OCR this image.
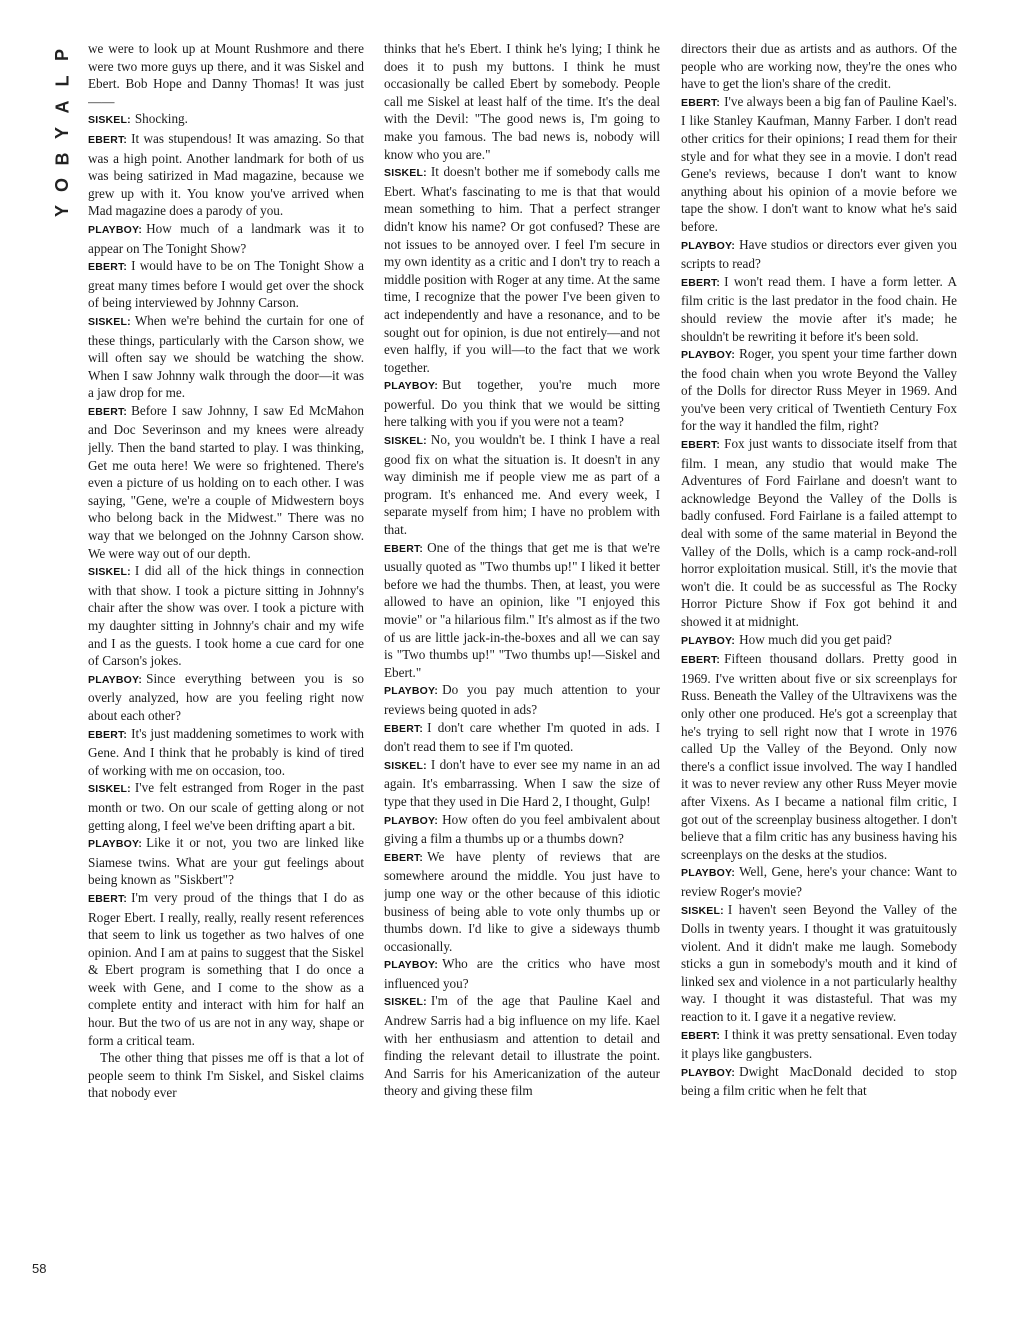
P
L
A
Y
B
O
Y

we were to look up at Mount Rushmore and there were two more guys up there, and it was Siskel and Ebert. Bob Hope and Danny Thomas! It was just——

SISKEL: Shocking.

EBERT: It was stupendous! It was amazing. So that was a high point. Another landmark for both of us was being satirized in Mad magazine, because we grew up with it. You know you've arrived when Mad magazine does a parody of you.

PLAYBOY: How much of a landmark was it to appear on The Tonight Show?

EBERT: I would have to be on The Tonight Show a great many times before I would get over the shock of being interviewed by Johnny Carson.

SISKEL: When we're behind the curtain for one of these things, particularly with the Carson show, we will often say we should be watching the show. When I saw Johnny walk through the door—it was a jaw drop for me.

EBERT: Before I saw Johnny, I saw Ed McMahon and Doc Severinson and my knees were already jelly. Then the band started to play. I was thinking, Get me outa here! We were so frightened. There's even a picture of us holding on to each other. I was saying, "Gene, we're a couple of Midwestern boys who belong back in the Midwest." There was no way that we belonged on the Johnny Carson show. We were way out of our depth.

SISKEL: I did all of the hick things in connection with that show. I took a picture sitting in Johnny's chair after the show was over. I took a picture with my daughter sitting in Johnny's chair and my wife and I as the guests. I took home a cue card for one of Carson's jokes.

PLAYBOY: Since everything between you is so overly analyzed, how are you feeling right now about each other?

EBERT: It's just maddening sometimes to work with Gene. And I think that he probably is kind of tired of working with me on occasion, too.

SISKEL: I've felt estranged from Roger in the past month or two. On our scale of getting along or not getting along, I feel we've been drifting apart a bit.

PLAYBOY: Like it or not, you two are linked like Siamese twins. What are your gut feelings about being known as "Siskbert"?

EBERT: I'm very proud of the things that I do as Roger Ebert. I really, really, really resent references that seem to link us together as two halves of one opinion. And I am at pains to suggest that the Siskel & Ebert program is something that I do once a week with Gene, and I come to the show as a complete entity and interact with him for half an hour. But the two of us are not in any way, shape or form a critical team.

The other thing that pisses me off is that a lot of people seem to think I'm Siskel, and Siskel claims that nobody ever

thinks that he's Ebert. I think he's lying; I think he does it to push my buttons. I think he must occasionally be called Ebert by somebody. People call me Siskel at least half of the time. It's the deal with the Devil: "The good news is, I'm going to make you famous. The bad news is, nobody will know who you are."

SISKEL: It doesn't bother me if somebody calls me Ebert. What's fascinating to me is that that would mean something to him. That a perfect stranger didn't know his name? Or got confused? These are not issues to be annoyed over. I feel I'm secure in my own identity as a critic and I don't try to reach a middle position with Roger at any time. At the same time, I recognize that the power I've been given to act independently and have a resonance, and to be sought out for opinion, is due not entirely—and not even halfly, if you will—to the fact that we work together.

PLAYBOY: But together, you're much more powerful. Do you think that we would be sitting here talking with you if you were not a team?

SISKEL: No, you wouldn't be. I think I have a real good fix on what the situation is. It doesn't in any way diminish me if people view me as part of a program. It's enhanced me. And every week, I separate myself from him; I have no problem with that.

EBERT: One of the things that get me is that we're usually quoted as "Two thumbs up!" I liked it better before we had the thumbs. Then, at least, you were allowed to have an opinion, like "I enjoyed this movie" or "a hilarious film." It's almost as if the two of us are little jack-in-the-boxes and all we can say is "Two thumbs up!" "Two thumbs up!—Siskel and Ebert."

PLAYBOY: Do you pay much attention to your reviews being quoted in ads?

EBERT: I don't care whether I'm quoted in ads. I don't read them to see if I'm quoted.

SISKEL: I don't have to ever see my name in an ad again. It's embarrassing. When I saw the size of type that they used in Die Hard 2, I thought, Gulp!

PLAYBOY: How often do you feel ambivalent about giving a film a thumbs up or a thumbs down?

EBERT: We have plenty of reviews that are somewhere around the middle. You just have to jump one way or the other because of this idiotic business of being able to vote only thumbs up or thumbs down. I'd like to give a sideways thumb occasionally.

PLAYBOY: Who are the critics who have most influenced you?

SISKEL: I'm of the age that Pauline Kael and Andrew Sarris had a big influence on my life. Kael with her enthusiasm and attention to detail and finding the relevant detail to illustrate the point. And Sarris for his Americanization of the auteur theory and giving these film

directors their due as artists and as authors. Of the people who are working now, they're the ones who have to get the lion's share of the credit.

EBERT: I've always been a big fan of Pauline Kael's. I like Stanley Kaufman, Manny Farber. I don't read other critics for their opinions; I read them for their style and for what they see in a movie. I don't read Gene's reviews, because I don't want to know anything about his opinion of a movie before we tape the show. I don't want to know what he's said before.

PLAYBOY: Have studios or directors ever given you scripts to read?

EBERT: I won't read them. I have a form letter. A film critic is the last predator in the food chain. He should review the movie after it's made; he shouldn't be rewriting it before it's been sold.

PLAYBOY: Roger, you spent your time farther down the food chain when you wrote Beyond the Valley of the Dolls for director Russ Meyer in 1969. And you've been very critical of Twentieth Century Fox for the way it handled the film, right?

EBERT: Fox just wants to dissociate itself from that film. I mean, any studio that would make The Adventures of Ford Fairlane and doesn't want to acknowledge Beyond the Valley of the Dolls is badly confused. Ford Fairlane is a failed attempt to deal with some of the same material in Beyond the Valley of the Dolls, which is a camp rock-and-roll horror exploitation musical. Still, it's the movie that won't die. It could be as successful as The Rocky Horror Picture Show if Fox got behind it and showed it at midnight.

PLAYBOY: How much did you get paid?

EBERT: Fifteen thousand dollars. Pretty good in 1969. I've written about five or six screenplays for Russ. Beneath the Valley of the Ultravixens was the only other one produced. He's got a screenplay that he's trying to sell right now that I wrote in 1976 called Up the Valley of the Beyond. Only now there's a conflict issue involved. The way I handled it was to never review any other Russ Meyer movie after Vixens. As I became a national film critic, I got out of the screenplay business altogether. I don't believe that a film critic has any business having his screenplays on the desks at the studios.

PLAYBOY: Well, Gene, here's your chance: Want to review Roger's movie?

SISKEL: I haven't seen Beyond the Valley of the Dolls in twenty years. I thought it was gratuitously violent. And it didn't make me laugh. Somebody sticks a gun in somebody's mouth and it kind of linked sex and violence in a not particularly healthy way. I thought it was distasteful. That was my reaction to it. I gave it a negative review.

EBERT: I think it was pretty sensational. Even today it plays like gangbusters.

PLAYBOY: Dwight MacDonald decided to stop being a film critic when he felt that

58
